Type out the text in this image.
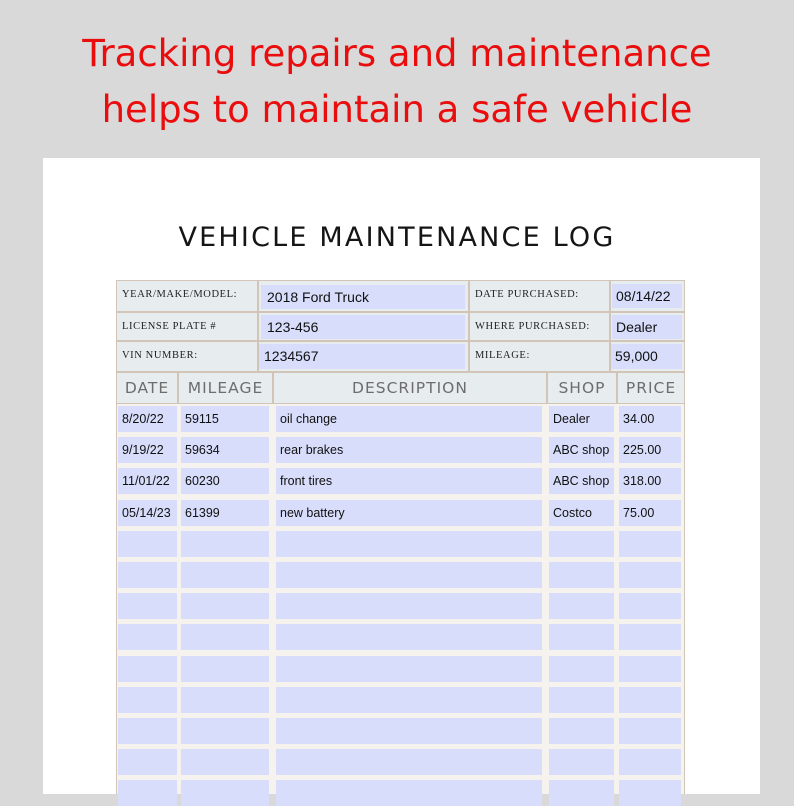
Tracking repairs and maintenance
helps to maintain a safe vehicle
VEHICLE MAINTENANCE LOG
YEAR/MAKE/MODEL:	2018 Ford Truck	DATE PURCHASED:	08/14/22
LICENSE PLATE #	123-456	WHERE PURCHASED:	Dealer
VIN NUMBER:	1234567	MILEAGE:	59,000
DATE	MILEAGE	DESCRIPTION	SHOP	PRICE
8/20/22	59115	oil change	Dealer	34.00
9/19/22	59634	rear brakes	ABC shop	225.00
11/01/22	60230	front tires	ABC shop	318.00
05/14/23	61399	new battery	Costco	75.00
